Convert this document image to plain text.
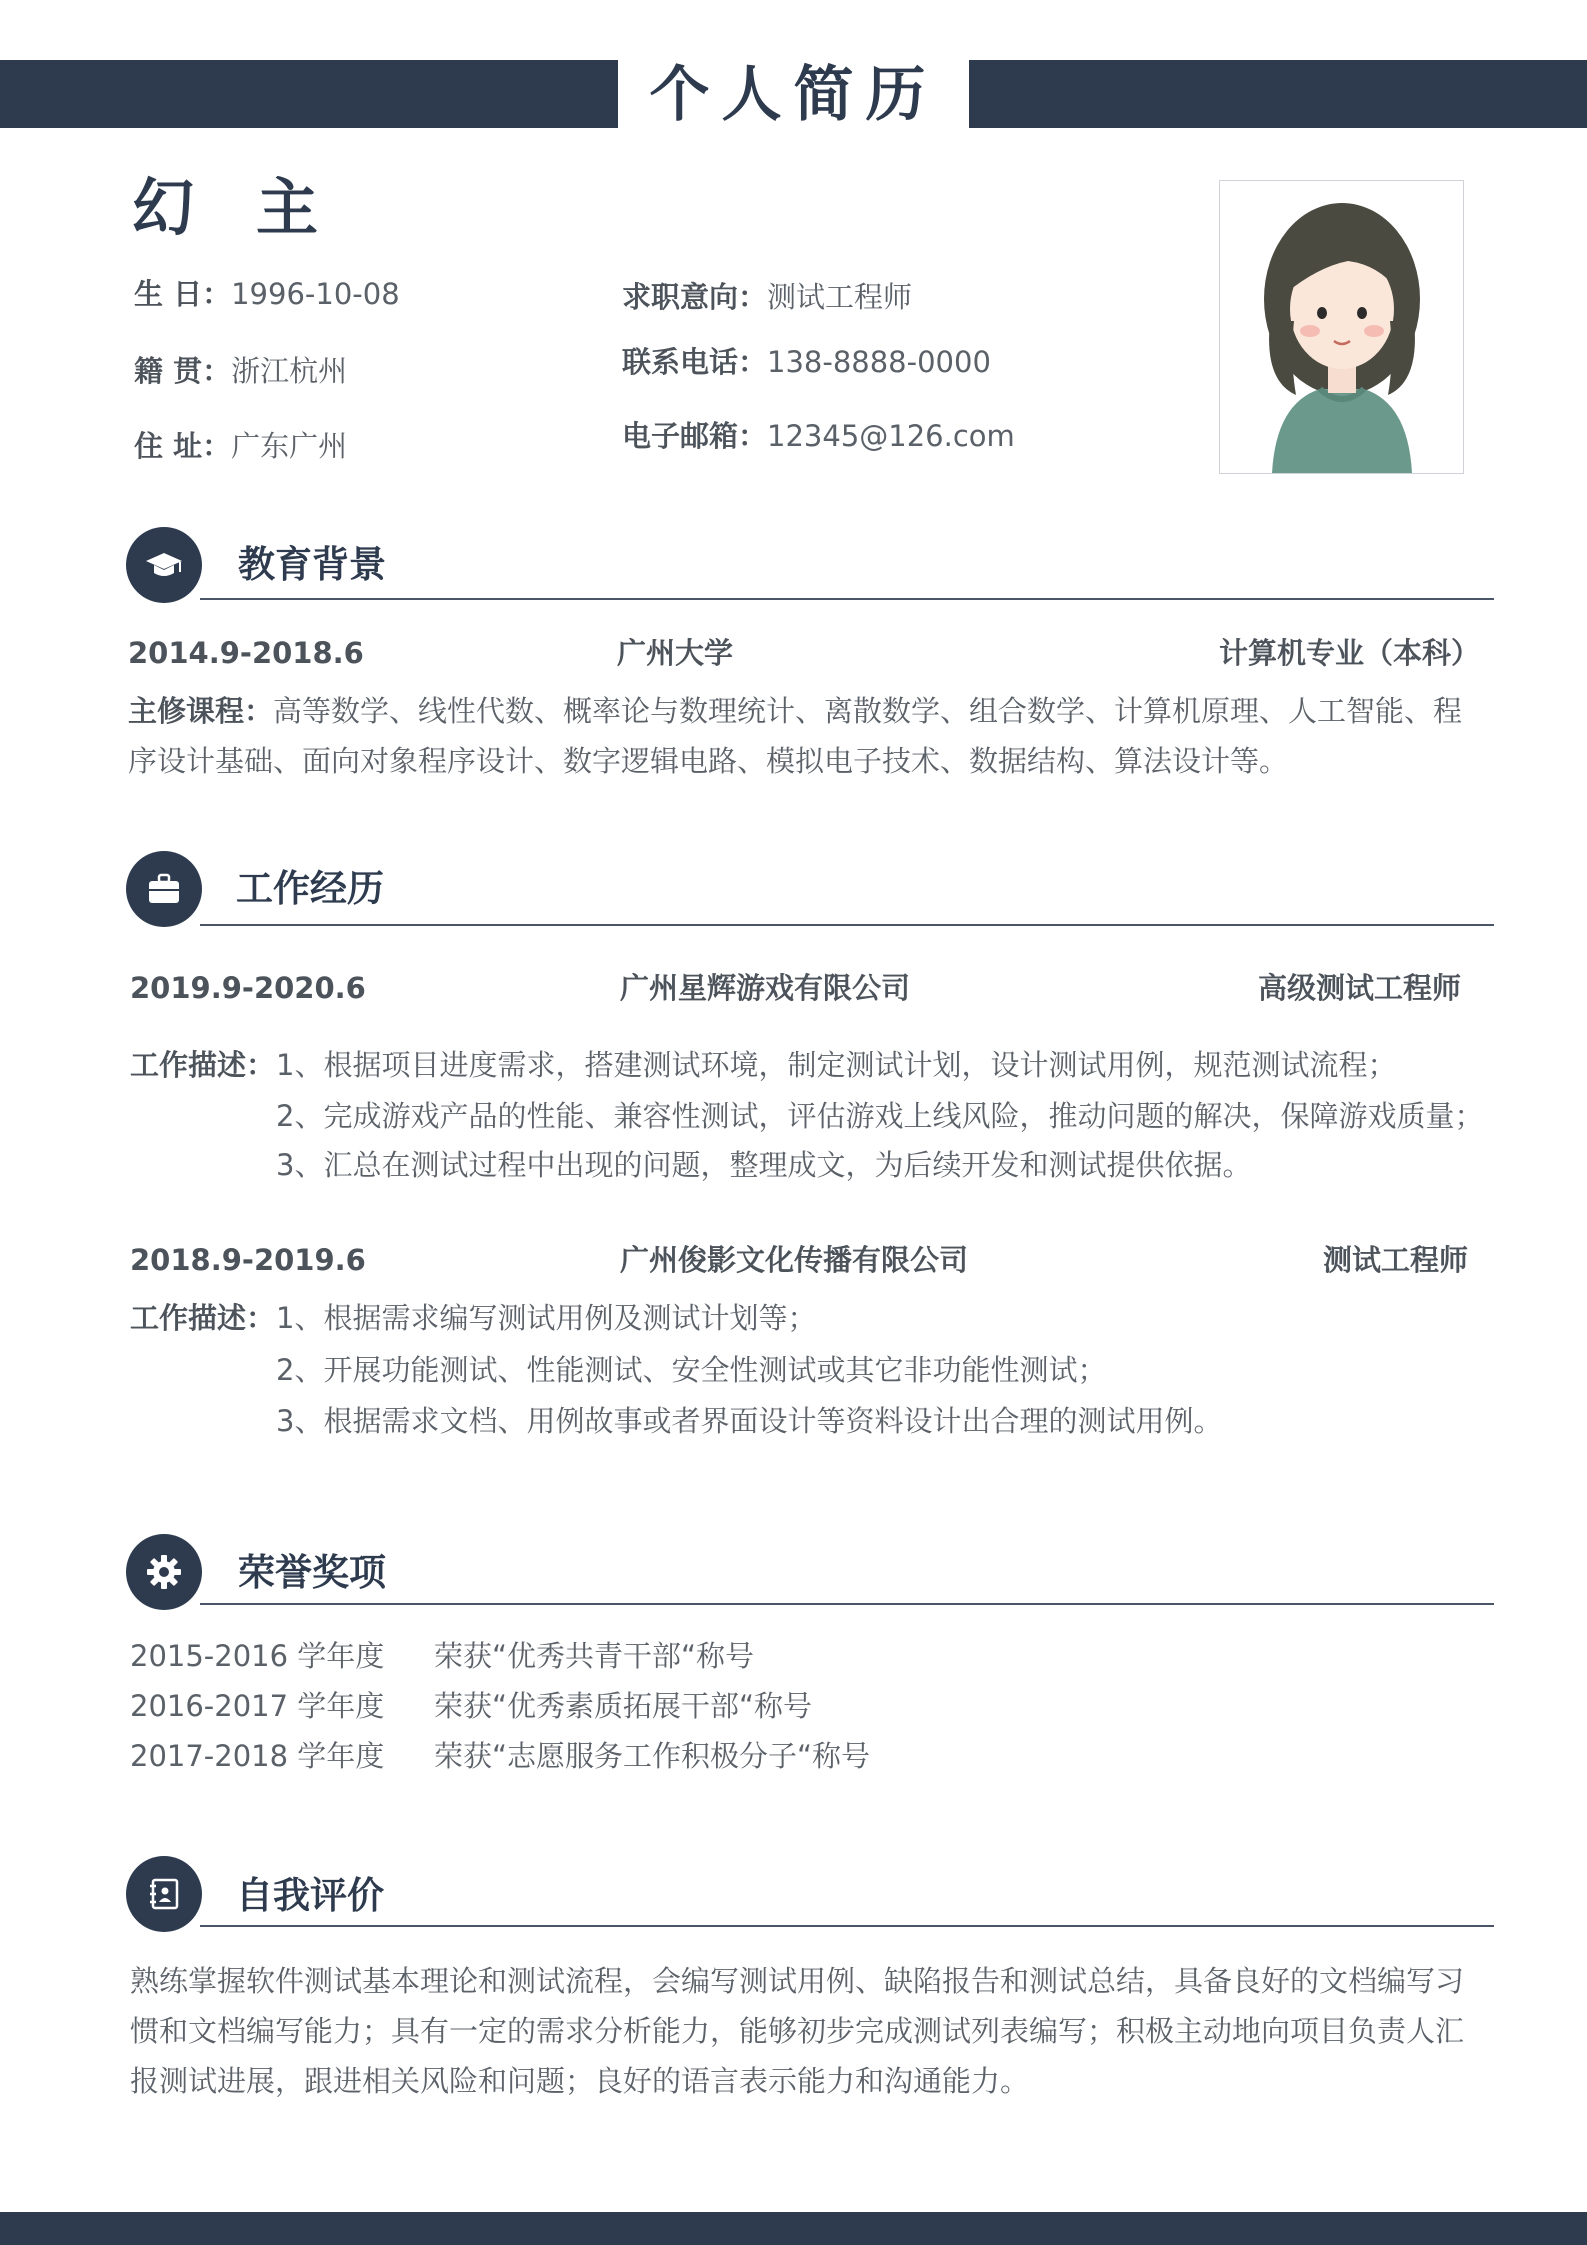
个人简历
幻主
生 日：1996-10-08
籍 贯：浙江杭州
住 址：广东广州
求职意向：测试工程师
联系电话：138-8888-0000
电子邮箱：12345@126.com
教育背景
2014.9-2018.6	广州大学	计算机专业（本科）
主修课程：高等数学、线性代数、概率论与数理统计、离散数学、组合数学、计算机原理、人工智能、程序设计基础、面向对象程序设计、数字逻辑电路、模拟电子技术、数据结构、算法设计等。
工作经历
2019.9-2020.6	广州星辉游戏有限公司	高级测试工程师
工作描述： 1、根据项目进度需求，搭建测试环境，制定测试计划，设计测试用例，规范测试流程；
2、完成游戏产品的性能、兼容性测试，评估游戏上线风险，推动问题的解决，保障游戏质量；
3、汇总在测试过程中出现的问题，整理成文，为后续开发和测试提供依据。
2018.9-2019.6	广州俊影文化传播有限公司	测试工程师
工作描述： 1、根据需求编写测试用例及测试计划等；
2、开展功能测试、性能测试、安全性测试或其它非功能性测试；
3、根据需求文档、用例故事或者界面设计等资料设计出合理的测试用例。
荣誉奖项
2015-2016 学年度 荣获“优秀共青干部“称号
2016-2017 学年度 荣获“优秀素质拓展干部“称号
2017-2018 学年度 荣获“志愿服务工作积极分子“称号
自我评价
熟练掌握软件测试基本理论和测试流程，会编写测试用例、缺陷报告和测试总结，具备良好的文档编写习惯和文档编写能力；具有一定的需求分析能力，能够初步完成测试列表编写；积极主动地向项目负责人汇报测试进展，跟进相关风险和问题；良好的语言表示能力和沟通能力。
